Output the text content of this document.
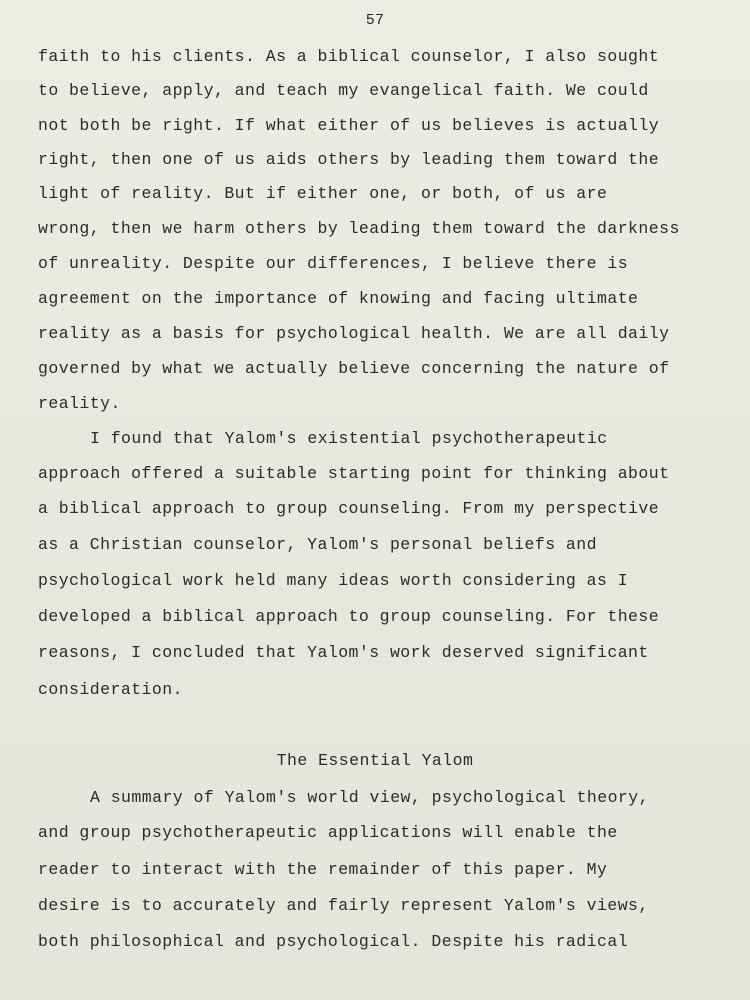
57
faith to his clients. As a biblical counselor, I also sought
to believe, apply, and teach my evangelical faith. We could
not both be right. If what either of us believes is actually
right, then one of us aids others by leading them toward the
light of reality. But if either one, or both, of us are
wrong, then we harm others by leading them toward the darkness
of unreality. Despite our differences, I believe there is
agreement on the importance of knowing and facing ultimate
reality as a basis for psychological health. We are all daily
governed by what we actually believe concerning the nature of
reality.
I found that Yalom's existential psychotherapeutic
approach offered a suitable starting point for thinking about
a biblical approach to group counseling. From my perspective
as a Christian counselor, Yalom's personal beliefs and
psychological work held many ideas worth considering as I
developed a biblical approach to group counseling. For these
reasons, I concluded that Yalom's work deserved significant
consideration.
The Essential Yalom
A summary of Yalom's world view, psychological theory,
and group psychotherapeutic applications will enable the
reader to interact with the remainder of this paper. My
desire is to accurately and fairly represent Yalom's views,
both philosophical and psychological. Despite his radical
